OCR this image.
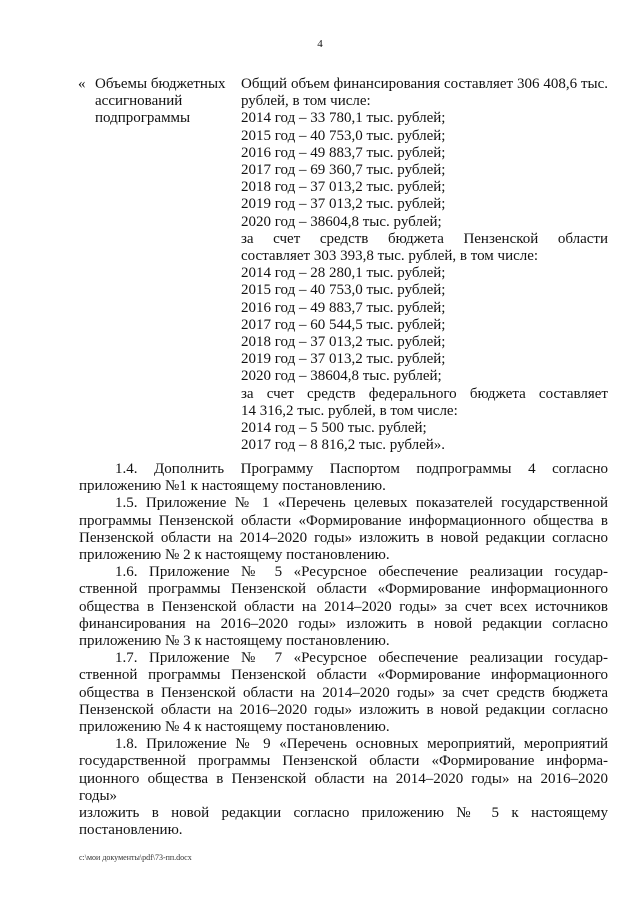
4
« Объемы бюджетных
ассигнований
подпрограммы
Общий объем финансирования составляет 306 408,6 тыс.
рублей, в том числе:
2014 год – 33 780,1 тыс. рублей;
2015 год – 40 753,0 тыс. рублей;
2016 год – 49 883,7 тыс. рублей;
2017 год – 69 360,7 тыс. рублей;
2018 год – 37 013,2 тыс. рублей;
2019 год – 37 013,2 тыс. рублей;
2020 год – 38604,8 тыс. рублей;
за счет средств бюджета Пензенской области
составляет 303 393,8 тыс. рублей, в том числе:
2014 год – 28 280,1 тыс. рублей;
2015 год – 40 753,0 тыс. рублей;
2016 год – 49 883,7 тыс. рублей;
2017 год – 60 544,5 тыс. рублей;
2018 год – 37 013,2 тыс. рублей;
2019 год – 37 013,2 тыс. рублей;
2020 год – 38604,8 тыс. рублей;
за счет средств федерального бюджета составляет
14 316,2 тыс. рублей, в том числе:
2014 год – 5 500 тыс. рублей;
2017 год – 8 816,2 тыс. рублей».
1.4. Дополнить Программу Паспортом подпрограммы 4 согласно
приложению №1 к настоящему постановлению.
1.5. Приложение № 1 «Перечень целевых показателей государственной
программы Пензенской области «Формирование информационного общества в
Пензенской области на 2014–2020 годы» изложить в новой редакции согласно
приложению № 2 к настоящему постановлению.
1.6. Приложение № 5 «Ресурсное обеспечение реализации государ-
ственной программы Пензенской области «Формирование информационного
общества в Пензенской области на 2014–2020 годы» за счет всех источников
финансирования на 2016–2020 годы» изложить в новой редакции согласно
приложению № 3 к настоящему постановлению.
1.7. Приложение № 7 «Ресурсное обеспечение реализации государ-
ственной программы Пензенской области «Формирование информационного
общества в Пензенской области на 2014–2020 годы» за счет средств бюджета
Пензенской области на 2016–2020 годы» изложить в новой редакции согласно
приложению № 4 к настоящему постановлению.
1.8. Приложение № 9 «Перечень основных мероприятий, мероприятий
государственной программы Пензенской области «Формирование информа-
ционного общества в Пензенской области на 2014–2020 годы» на 2016–2020 годы»
изложить в новой редакции согласно приложению № 5 к настоящему
постановлению.
c:\мои документы\pdf\73-пп.docx
